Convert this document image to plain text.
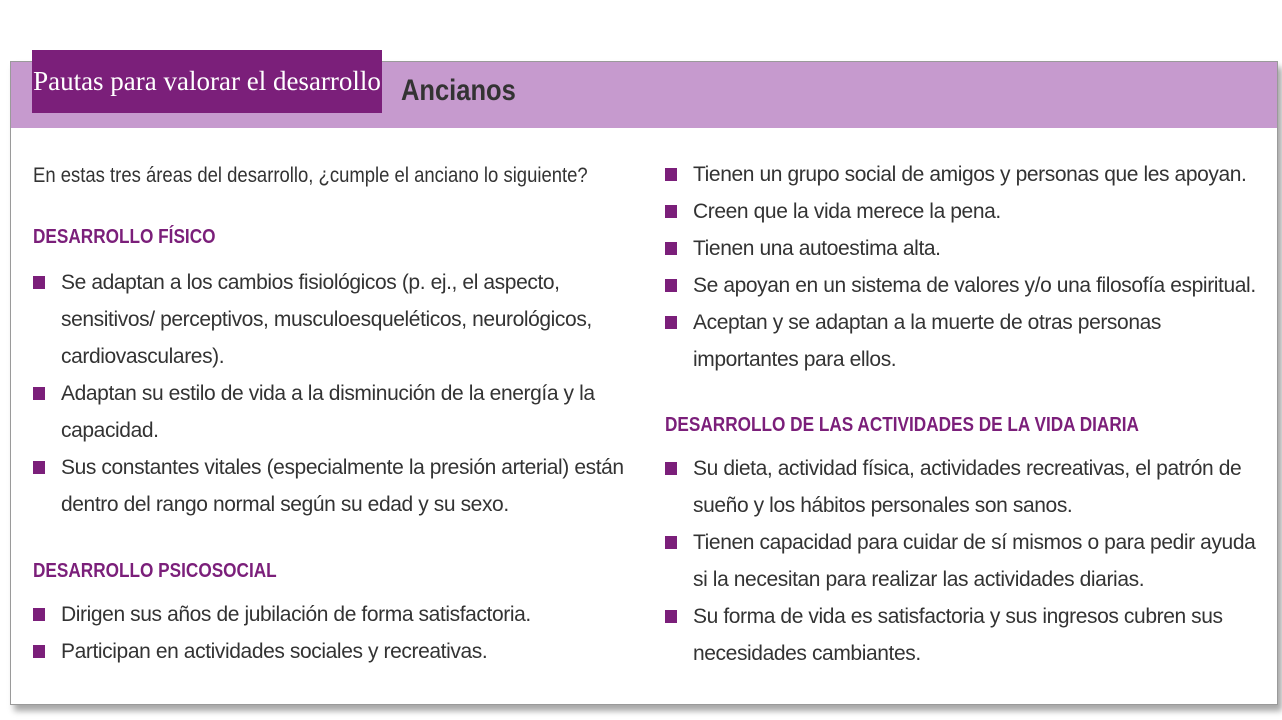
Pautas para valorar el desarrollo Ancianos
En estas tres áreas del desarrollo, ¿cumple el anciano lo siguiente?
DESARROLLO FÍSICO
Se adaptan a los cambios fisiológicos (p. ej., el aspecto, sensitivos/ perceptivos, musculoesqueléticos, neurológicos, cardiovasculares).
Adaptan su estilo de vida a la disminución de la energía y la capacidad.
Sus constantes vitales (especialmente la presión arterial) están dentro del rango normal según su edad y su sexo.
DESARROLLO PSICOSOCIAL
Dirigen sus años de jubilación de forma satisfactoria.
Participan en actividades sociales y recreativas.
Tienen un grupo social de amigos y personas que les apoyan.
Creen que la vida merece la pena.
Tienen una autoestima alta.
Se apoyan en un sistema de valores y/o una filosofía espiritual.
Aceptan y se adaptan a la muerte de otras personas importantes para ellos.
DESARROLLO DE LAS ACTIVIDADES DE LA VIDA DIARIA
Su dieta, actividad física, actividades recreativas, el patrón de sueño y los hábitos personales son sanos.
Tienen capacidad para cuidar de sí mismos o para pedir ayuda si la necesitan para realizar las actividades diarias.
Su forma de vida es satisfactoria y sus ingresos cubren sus necesidades cambiantes.
